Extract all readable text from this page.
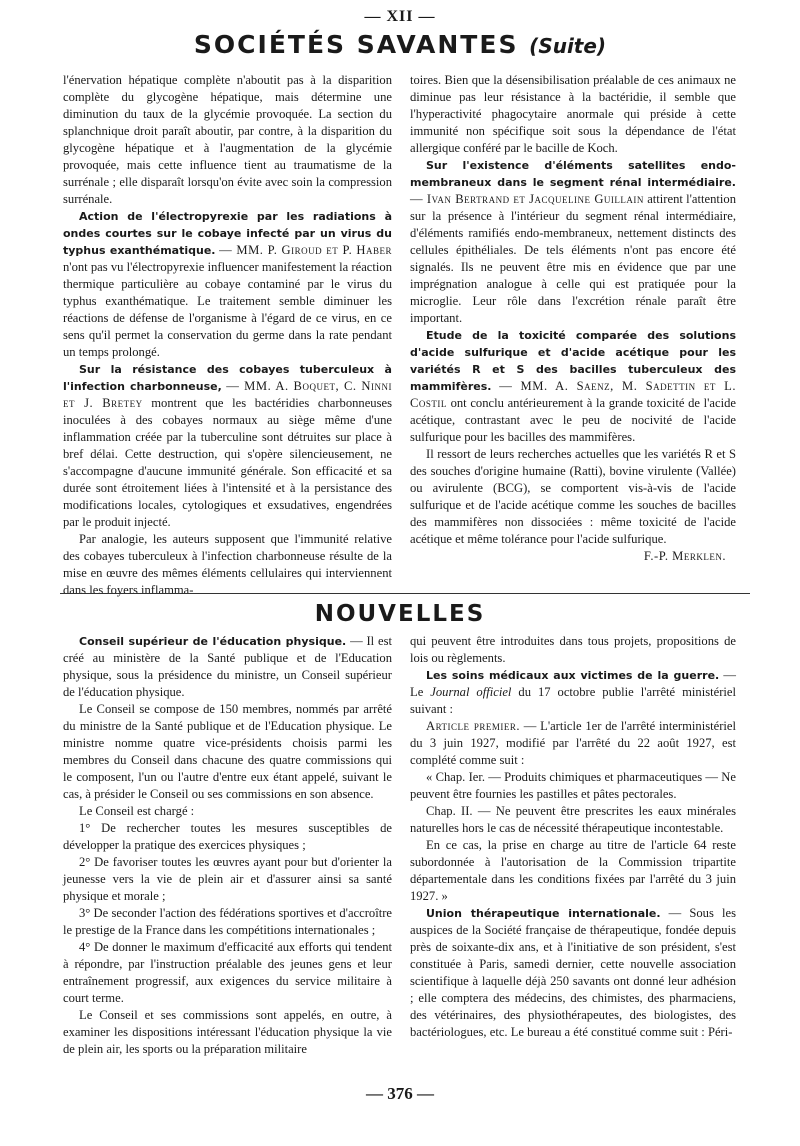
— XII —
SOCIÉTÉS SAVANTES (Suite)

l'énervation hépatique complète n'aboutit pas à la disparition complète du glycogène hépatique, mais détermine une diminution du taux de la glycémie provoquée. La section du splanchnique droit paraît aboutir, par contre, à la disparition du glycogène hépatique et à l'augmentation de la glycémie provoquée, mais cette influence tient au traumatisme de la surrénale ; elle disparaît lorsqu'on évite avec soin la compression surrénale.

Action de l'électropyrexie par les radiations à ondes courtes sur le cobaye infecté par un virus du typhus exanthématique. — MM. P. Giroud et P. Haber n'ont pas vu l'électropyrexie influencer manifestement la réaction thermique particulière au cobaye contaminé par le virus du typhus exanthématique. Le traitement semble diminuer les réactions de défense de l'organisme à l'égard de ce virus, en ce sens qu'il permet la conservation du germe dans la rate pendant un temps prolongé.

Sur la résistance des cobayes tuberculeux à l'infection charbonneuse, — MM. A. Boquet, C. Ninni et J. Bretey montrent que les bactéridies charbonneuses inoculées à des cobayes normaux au siège même d'une inflammation créée par la tuberculine sont détruites sur place à bref délai. Cette destruction, qui s'opère silencieusement, ne s'accompagne d'aucune immunité générale. Son efficacité et sa durée sont étroitement liées à l'intensité et à la persistance des modifications locales, cytologiques et exsudatives, engendrées par le produit injecté.

Par analogie, les auteurs supposent que l'immunité relative des cobayes tuberculeux à l'infection charbonneuse résulte de la mise en œuvre des mêmes éléments cellulaires qui interviennent dans les foyers inflamma-

toires. Bien que la désensibilisation préalable de ces animaux ne diminue pas leur résistance à la bactéridie, il semble que l'hyperactivité phagocytaire anormale qui préside à cette immunité non spécifique soit sous la dépendance de l'état allergique conféré par le bacille de Koch.

Sur l'existence d'éléments satellites endo-membraneux dans le segment rénal intermédiaire. — Ivan Bertrand et Jacqueline Guillain attirent l'attention sur la présence à l'intérieur du segment rénal intermédiaire, d'éléments ramifiés endo-membraneux, nettement distincts des cellules épithéliales. De tels éléments n'ont pas encore été signalés. Ils ne peuvent être mis en évidence que par une imprégnation analogue à celle qui est pratiquée pour la microglie. Leur rôle dans l'excrétion rénale paraît être important.

Etude de la toxicité comparée des solutions d'acide sulfurique et d'acide acétique pour les variétés R et S des bacilles tuberculeux des mammifères. — MM. A. Saenz, M. Sadettin et L. Costil ont conclu antérieurement à la grande toxicité de l'acide acétique, contrastant avec le peu de nocivité de l'acide sulfurique pour les bacilles des mammifères.

Il ressort de leurs recherches actuelles que les variétés R et S des souches d'origine humaine (Ratti), bovine virulente (Vallée) ou avirulente (BCG), se comportent vis-à-vis de l'acide sulfurique et de l'acide acétique comme les souches de bacilles des mammifères non dissociées : même toxicité de l'acide acétique et même tolérance pour l'acide sulfurique.

F.-P. Merklen.

NOUVELLES

Conseil supérieur de l'éducation physique. — Il est créé au ministère de la Santé publique et de l'Education physique, sous la présidence du ministre, un Conseil supérieur de l'éducation physique.

Le Conseil se compose de 150 membres, nommés par arrêté du ministre de la Santé publique et de l'Education physique. Le ministre nomme quatre vice-présidents choisis parmi les membres du Conseil dans chacune des quatre commissions qui le composent, l'un ou l'autre d'entre eux étant appelé, suivant le cas, à présider le Conseil ou ses commissions en son absence.

Le Conseil est chargé :

1° De rechercher toutes les mesures susceptibles de développer la pratique des exercices physiques ;

2° De favoriser toutes les œuvres ayant pour but d'orienter la jeunesse vers la vie de plein air et d'assurer ainsi sa santé physique et morale ;

3° De seconder l'action des fédérations sportives et d'accroître le prestige de la France dans les compétitions internationales ;

4° De donner le maximum d'efficacité aux efforts qui tendent à répondre, par l'instruction préalable des jeunes gens et leur entraînement progressif, aux exigences du service militaire à court terme.

Le Conseil et ses commissions sont appelés, en outre, à examiner les dispositions intéressant l'éducation physique la vie de plein air, les sports ou la préparation militaire

qui peuvent être introduites dans tous projets, propositions de lois ou règlements.

Les soins médicaux aux victimes de la guerre. — Le Journal officiel du 17 octobre publie l'arrêté ministériel suivant :

Article premier. — L'article 1er de l'arrêté interministériel du 3 juin 1927, modifié par l'arrêté du 22 août 1927, est complété comme suit :

« Chap. Ier. — Produits chimiques et pharmaceutiques — Ne peuvent être fournies les pastilles et pâtes pectorales.

Chap. II. — Ne peuvent être prescrites les eaux minérales naturelles hors le cas de nécessité thérapeutique incontestable.

En ce cas, la prise en charge au titre de l'article 64 reste subordonnée à l'autorisation de la Commission tripartite départementale dans les conditions fixées par l'arrêté du 3 juin 1927. »

Union thérapeutique internationale. — Sous les auspices de la Société française de thérapeutique, fondée depuis près de soixante-dix ans, et à l'initiative de son président, s'est constituée à Paris, samedi dernier, cette nouvelle association scientifique à laquelle déjà 250 savants ont donné leur adhésion ; elle comptera des médecins, des chimistes, des pharmaciens, des vétérinaires, des physiothérapeutes, des biologistes, des bactériologues, etc. Le bureau a été constitué comme suit : Péri-

— 376 —
